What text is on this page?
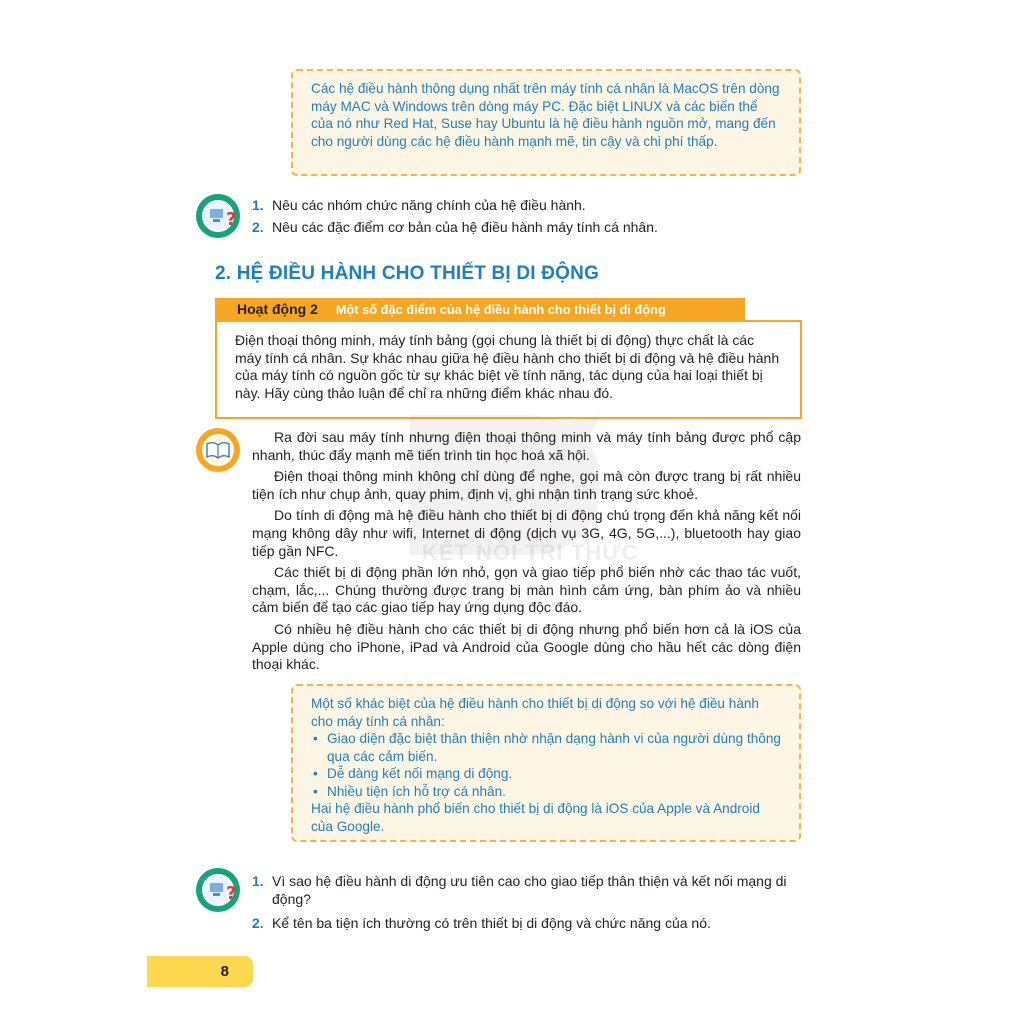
Các hệ điều hành thông dụng nhất trên máy tính cá nhân là MacOS trên dòng máy MAC và Windows trên dòng máy PC. Đặc biệt LINUX và các biến thể của nó như Red Hat, Suse hay Ubuntu là hệ điều hành nguồn mở, mang đến cho người dùng các hệ điều hành mạnh mẽ, tin cậy và chi phí thấp.

?
1. Nêu các nhóm chức năng chính của hệ điều hành.
2. Nêu các đặc điểm cơ bản của hệ điều hành máy tính cá nhân.
2. HỆ ĐIỀU HÀNH CHO THIẾT BỊ DI ĐỘNG
Hoạt động 2 Một số đặc điểm của hệ điều hành cho thiết bị di động

Điện thoại thông minh, máy tính bảng (gọi chung là thiết bị di động) thực chất là các máy tính cá nhân. Sự khác nhau giữa hệ điều hành cho thiết bị di động và hệ điều hành của máy tính có nguồn gốc từ sự khác biệt về tính năng, tác dụng của hai loại thiết bị này. Hãy cùng thảo luận để chỉ ra những điểm khác nhau đó.

KẾT NỐI TRI THỨC

Ra đời sau máy tính nhưng điện thoại thông minh và máy tính bảng được phổ cập nhanh, thúc đẩy mạnh mẽ tiến trình tin học hoá xã hội.

Điện thoại thông minh không chỉ dùng để nghe, gọi mà còn được trang bị rất nhiều tiện ích như chụp ảnh, quay phim, định vị, ghi nhận tình trạng sức khoẻ.

Do tính di động mà hệ điều hành cho thiết bị di động chú trọng đến khả năng kết nối mạng không dây như wifi, Internet di động (dịch vụ 3G, 4G, 5G,...), bluetooth hay giao tiếp gần NFC.

Các thiết bị di động phần lớn nhỏ, gọn và giao tiếp phổ biến nhờ các thao tác vuốt, chạm, lắc,... Chúng thường được trang bị màn hình cảm ứng, bàn phím ảo và nhiều cảm biến để tạo các giao tiếp hay ứng dụng độc đáo.

Có nhiều hệ điều hành cho các thiết bị di động nhưng phổ biến hơn cả là iOS của Apple dùng cho iPhone, iPad và Android của Google dùng cho hầu hết các dòng điện thoại khác.

Một số khác biệt của hệ điều hành cho thiết bị di động so với hệ điều hành cho máy tính cá nhân:

• Giao diện đặc biệt thân thiện nhờ nhận dạng hành vi của người dùng thông qua các cảm biến.
• Dễ dàng kết nối mạng di động.
• Nhiều tiện ích hỗ trợ cá nhân.

Hai hệ điều hành phổ biến cho thiết bị di động là iOS của Apple và Android của Google.

?
1. Vì sao hệ điều hành di động ưu tiên cao cho giao tiếp thân thiện và kết nối mạng di động?
2. Kể tên ba tiện ích thường có trên thiết bị di động và chức năng của nó.
8
